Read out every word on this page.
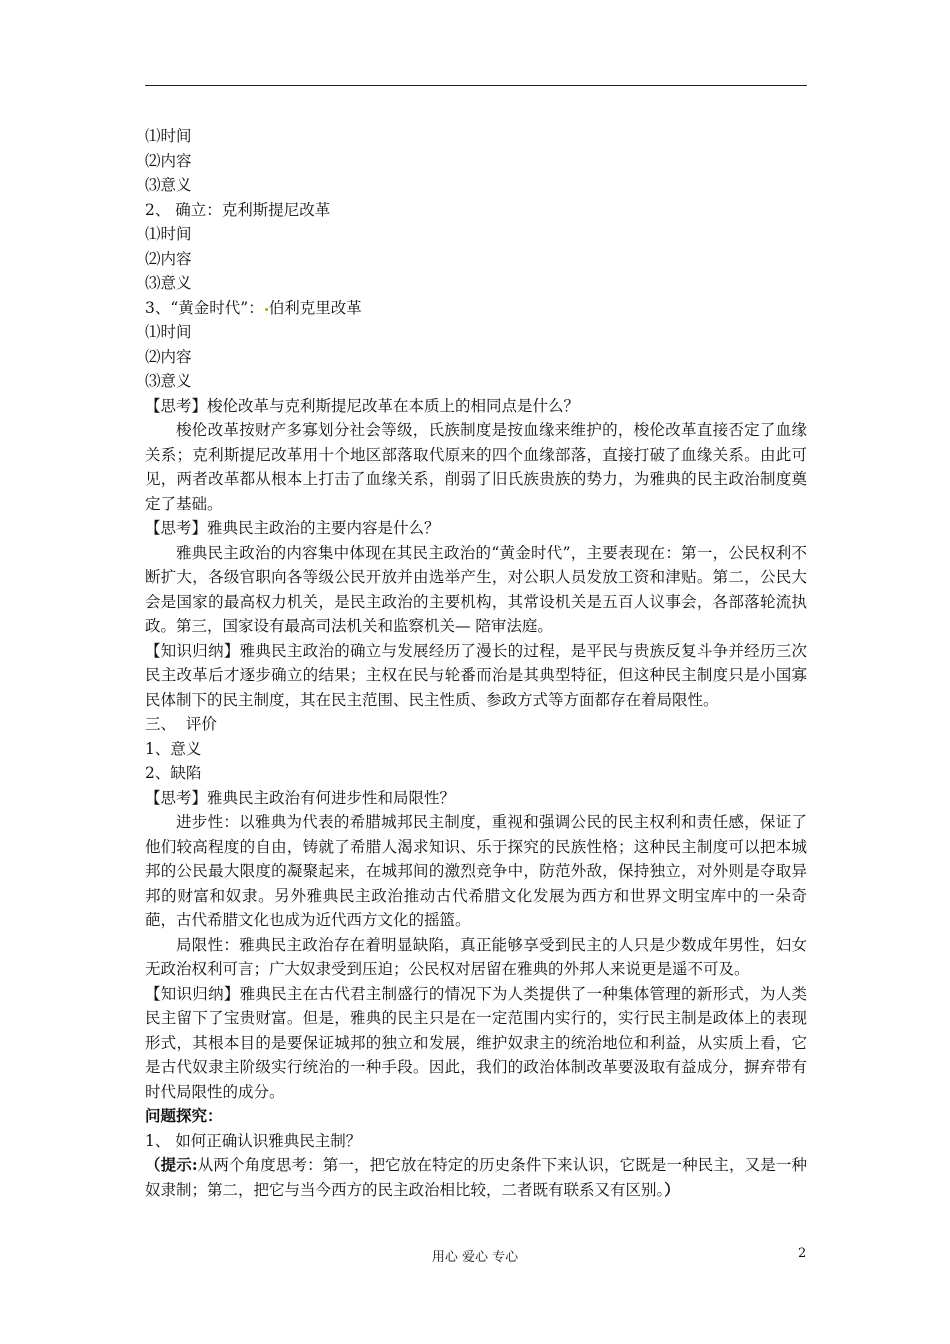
⑴时间
⑵内容
⑶意义
2、 确立：克利斯提尼改革
⑴时间
⑵内容
⑶意义
3、“黄金时代”： 伯利克里改革
⑴时间
⑵内容
⑶意义
【思考】梭伦改革与克利斯提尼改革在本质上的相同点是什么？
梭伦改革按财产多寡划分社会等级，氏族制度是按血缘来维护的，梭伦改革直接否定了血缘关系；克利斯提尼改革用十个地区部落取代原来的四个血缘部落，直接打破了血缘关系。由此可见，两者改革都从根本上打击了血缘关系，削弱了旧氏族贵族的势力，为雅典的民主政治制度奠定了基础。
【思考】雅典民主政治的主要内容是什么？
雅典民主政治的内容集中体现在其民主政治的“黄金时代”，主要表现在：第一，公民权利不断扩大，各级官职向各等级公民开放并由选举产生，对公职人员发放工资和津贴。第二，公民大会是国家的最高权力机关，是民主政治的主要机构，其常设机关是五百人议事会，各部落轮流执政。第三，国家设有最高司法机关和监察机关— 陪审法庭。
【知识归纳】雅典民主政治的确立与发展经历了漫长的过程，是平民与贵族反复斗争并经历三次民主改革后才逐步确立的结果；主权在民与轮番而治是其典型特征，但这种民主制度只是小国寡民体制下的民主制度，其在民主范围、民主性质、参政方式等方面都存在着局限性。
三、  评价
1、意义
2、缺陷
【思考】雅典民主政治有何进步性和局限性？
进步性：以雅典为代表的希腊城邦民主制度，重视和强调公民的民主权利和责任感，保证了他们较高程度的自由，铸就了希腊人渴求知识、乐于探究的民族性格；这种民主制度可以把本城邦的公民最大限度的凝聚起来，在城邦间的激烈竞争中，防范外敌，保持独立，对外则是夺取异邦的财富和奴隶。另外雅典民主政治推动古代希腊文化发展为西方和世界文明宝库中的一朵奇葩，古代希腊文化也成为近代西方文化的摇篮。
局限性：雅典民主政治存在着明显缺陷，真正能够享受到民主的人只是少数成年男性，妇女无政治权利可言；广大奴隶受到压迫；公民权对居留在雅典的外邦人来说更是遥不可及。
【知识归纳】雅典民主在古代君主制盛行的情况下为人类提供了一种集体管理的新形式，为人类民主留下了宝贵财富。但是，雅典的民主只是在一定范围内实行的，实行民主制是政体上的表现形式，其根本目的是要保证城邦的独立和发展，维护奴隶主的统治地位和利益，从实质上看，它是古代奴隶主阶级实行统治的一种手段。因此，我们的政治体制改革要汲取有益成分，摒弃带有时代局限性的成分。
问题探究：
1、 如何正确认识雅典民主制？
（提示:从两个角度思考：第一，把它放在特定的历史条件下来认识，它既是一种民主，又是一种奴隶制；第二，把它与当今西方的民主政治相比较，二者既有联系又有区别。）
用心 爱心 专心	2
